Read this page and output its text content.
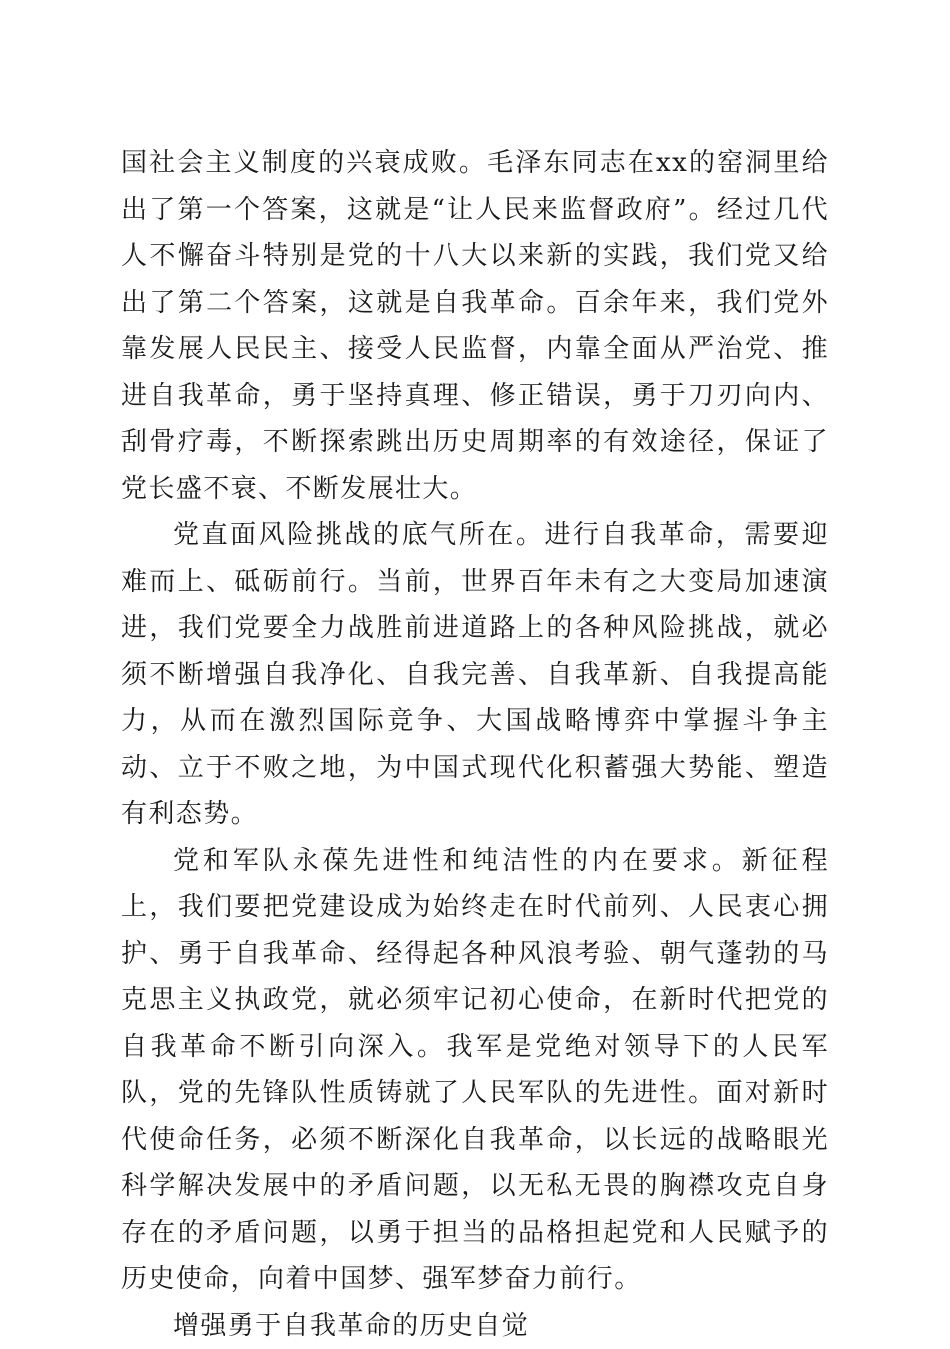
国社会主义制度的兴衰成败。毛泽东同志在xx的窑洞里给出了第一个答案，这就是“让人民来监督政府”。经过几代人不懈奋斗特别是党的十八大以来新的实践，我们党又给出了第二个答案，这就是自我革命。百余年来，我们党外靠发展人民民主、接受人民监督，内靠全面从严治党、推进自我革命，勇于坚持真理、修正错误，勇于刀刃向内、刮骨疗毒，不断探索跳出历史周期率的有效途径，保证了党长盛不衰、不断发展壮大。

党直面风险挑战的底气所在。进行自我革命，需要迎难而上、砥砺前行。当前，世界百年未有之大变局加速演进，我们党要全力战胜前进道路上的各种风险挑战，就必须不断增强自我净化、自我完善、自我革新、自我提高能力，从而在激烈国际竞争、大国战略博弈中掌握斗争主动、立于不败之地，为中国式现代化积蓄强大势能、塑造有利态势。

党和军队永葆先进性和纯洁性的内在要求。新征程上，我们要把党建设成为始终走在时代前列、人民衷心拥护、勇于自我革命、经得起各种风浪考验、朝气蓬勃的马克思主义执政党，就必须牢记初心使命，在新时代把党的自我革命不断引向深入。我军是党绝对领导下的人民军队，党的先锋队性质铸就了人民军队的先进性。面对新时代使命任务，必须不断深化自我革命，以长远的战略眼光科学解决发展中的矛盾问题，以无私无畏的胸襟攻克自身存在的矛盾问题，以勇于担当的品格担起党和人民赋予的历史使命，向着中国梦、强军梦奋力前行。

增强勇于自我革命的历史自觉
